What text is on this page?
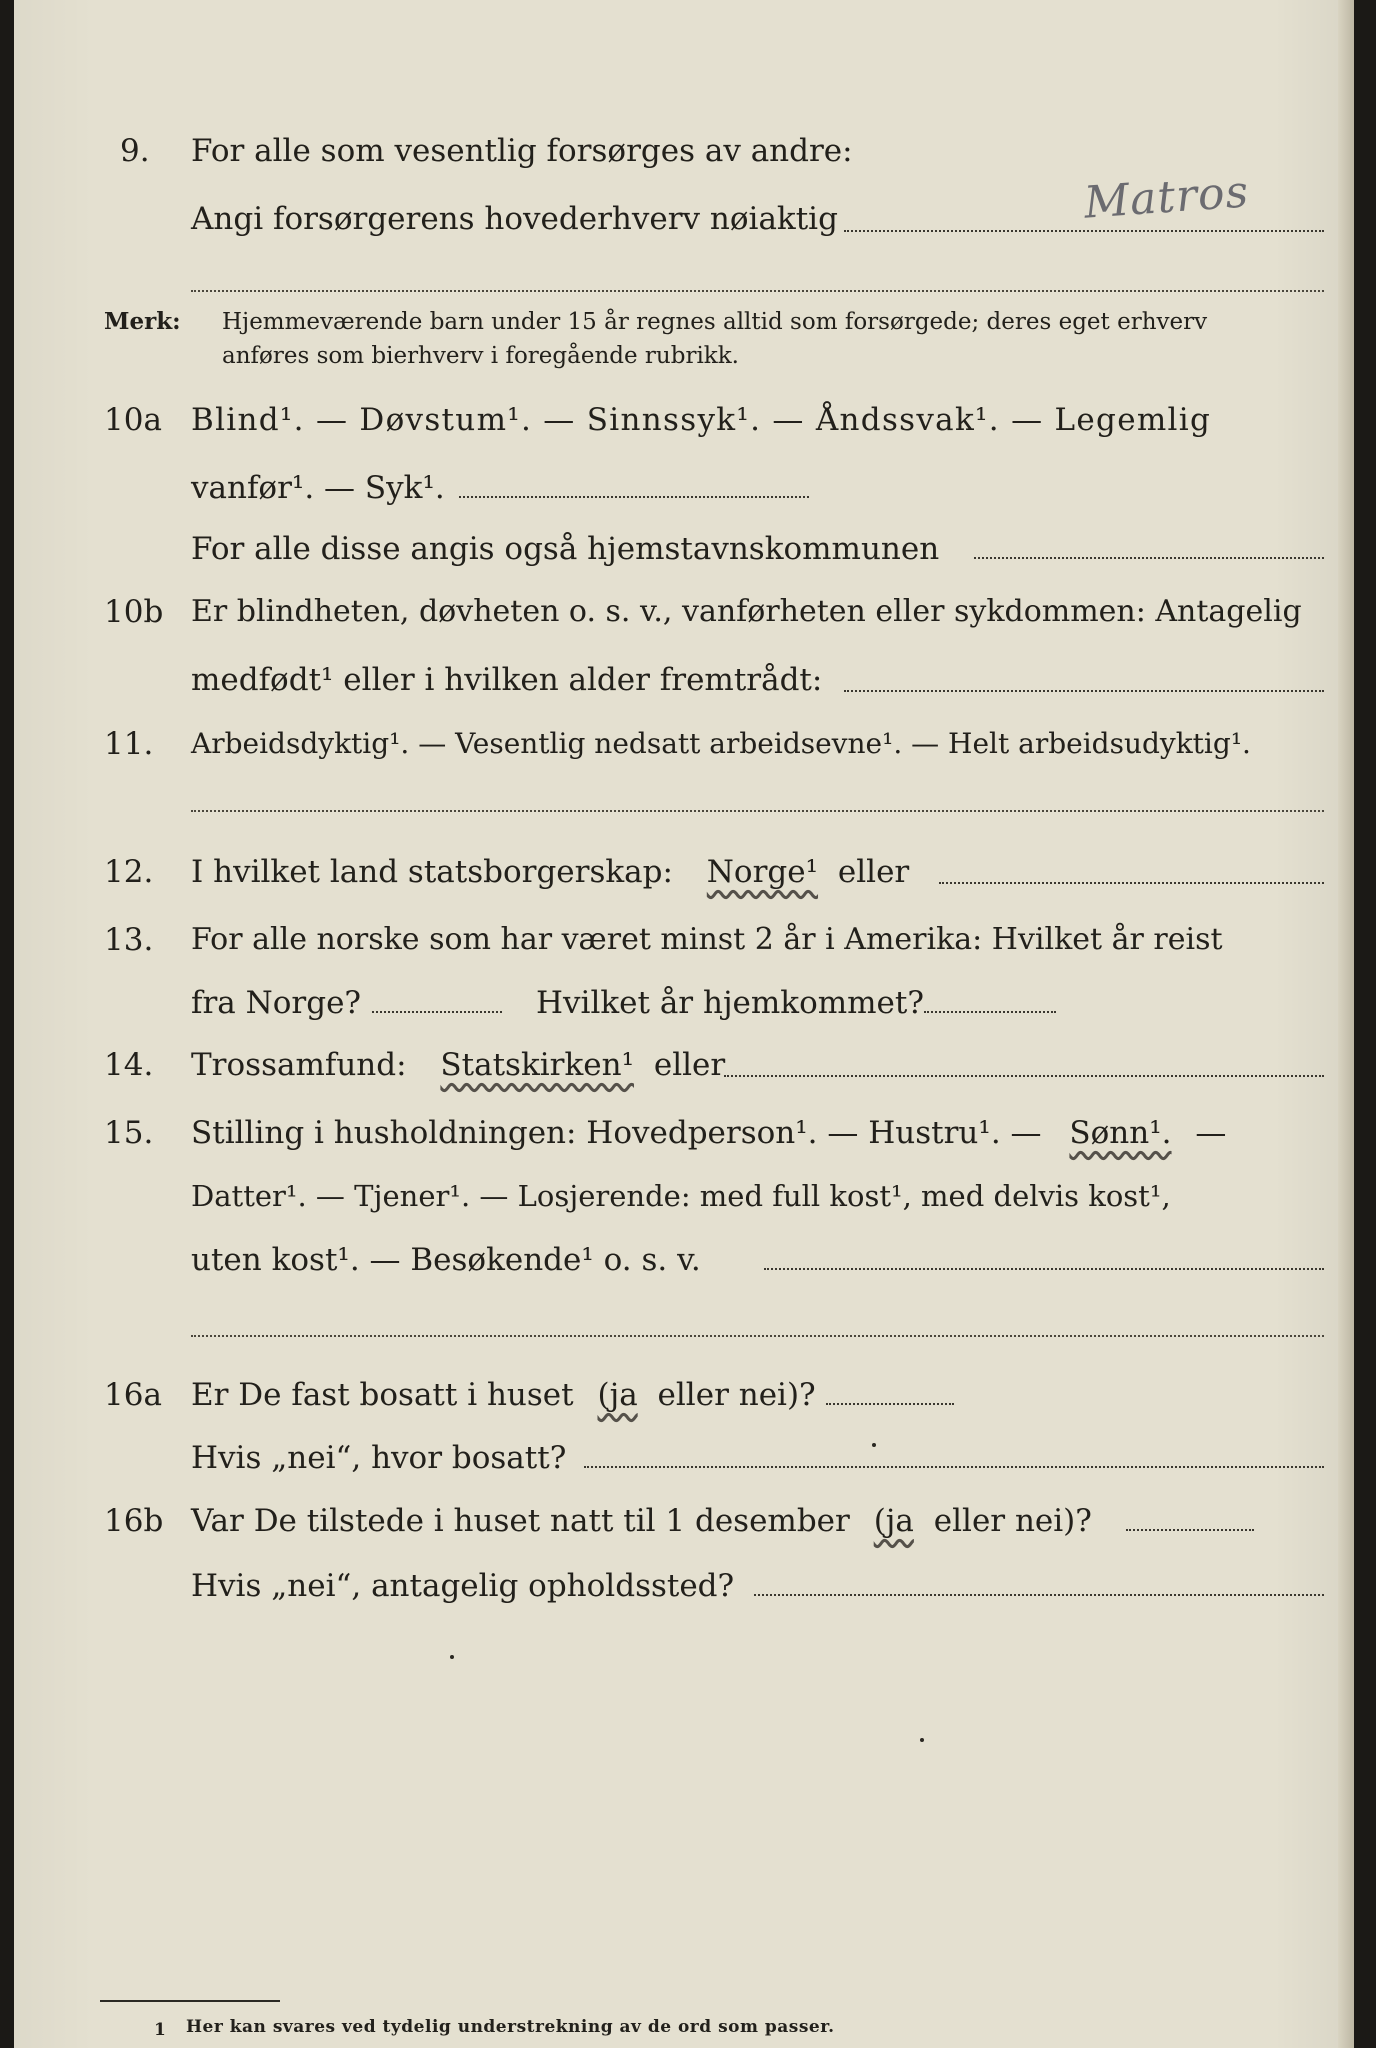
9. For alle som vesentlig forsørges av andre:
Angi forsørgerens hovederhverv nøiaktig	Matros
Merk: Hjemmeværende barn under 15 år regnes alltid som forsørgede; deres eget erhverv
anføres som bierhverv i foregående rubrikk.
10a Blind¹. — Døvstum¹. — Sinnssyk¹. — Åndssvak¹. — Legemlig
vanfør¹. — Syk¹.
For alle disse angis også hjemstavnskommunen
10b Er blindheten, døvheten o. s. v., vanførheten eller sykdommen: Antagelig
medfødt¹ eller i hvilken alder fremtrådt:
11. Arbeidsdyktig¹. — Vesentlig nedsatt arbeidsevne¹. — Helt arbeidsudyktig¹.
12. I hvilket land statsborgerskap: Norge¹ eller
13. For alle norske som har været minst 2 år i Amerika: Hvilket år reist
fra Norge?	Hvilket år hjemkommet?
14. Trossamfund: Statskirken¹ eller
15. Stilling i husholdningen: Hovedperson¹. — Hustru¹. — Sønn¹. —
Datter¹. — Tjener¹. — Losjerende: med full kost¹, med delvis kost¹,
uten kost¹. — Besøkende¹ o. s. v.
16a Er De fast bosatt i huset (ja eller nei)?
Hvis „nei“, hvor bosatt?
16b Var De tilstede i huset natt til 1 desember (ja eller nei)?
Hvis „nei“, antagelig opholdssted?
1 Her kan svares ved tydelig understrekning av de ord som passer.
